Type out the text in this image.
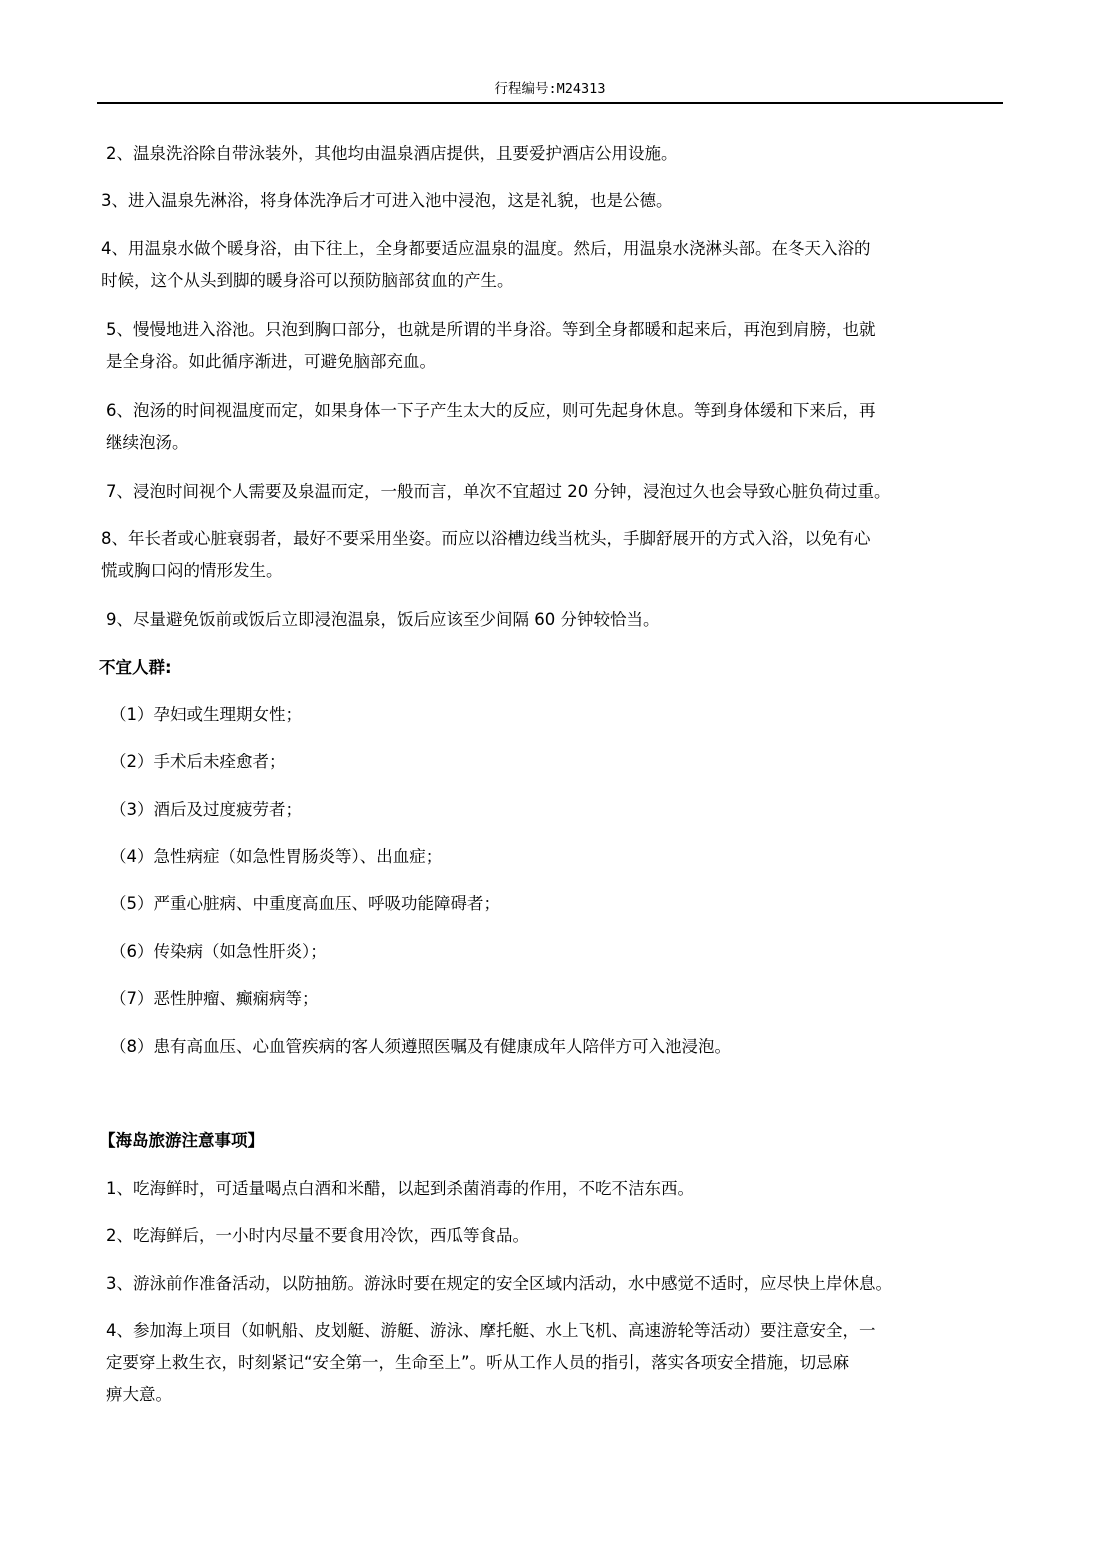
行程编号:M24313
2、温泉洗浴除自带泳装外，其他均由温泉酒店提供，且要爱护酒店公用设施。
3、进入温泉先淋浴，将身体洗净后才可进入池中浸泡，这是礼貌，也是公德。
4、用温泉水做个暖身浴，由下往上，全身都要适应温泉的温度。然后，用温泉水浇淋头部。在冬天入浴的
时候，这个从头到脚的暖身浴可以预防脑部贫血的产生。
5、慢慢地进入浴池。只泡到胸口部分，也就是所谓的半身浴。等到全身都暖和起来后，再泡到肩膀，也就
是全身浴。如此循序渐进，可避免脑部充血。
6、泡汤的时间视温度而定，如果身体一下子产生太大的反应，则可先起身休息。等到身体缓和下来后，再
继续泡汤。
7、浸泡时间视个人需要及泉温而定，一般而言，单次不宜超过 20 分钟，浸泡过久也会导致心脏负荷过重。
8、年长者或心脏衰弱者，最好不要采用坐姿。而应以浴槽边线当枕头，手脚舒展开的方式入浴，以免有心
慌或胸口闷的情形发生。
9、尽量避免饭前或饭后立即浸泡温泉，饭后应该至少间隔 60 分钟较恰当。
不宜人群:
（1）孕妇或生理期女性；
（2）手术后未痊愈者；
（3）酒后及过度疲劳者；
（4）急性病症（如急性胃肠炎等）、出血症；
（5）严重心脏病、中重度高血压、呼吸功能障碍者；
（6）传染病（如急性肝炎）；
（7）恶性肿瘤、癫痫病等；
（8）患有高血压、心血管疾病的客人须遵照医嘱及有健康成年人陪伴方可入池浸泡。
【海岛旅游注意事项】
1、吃海鲜时，可适量喝点白酒和米醋，以起到杀菌消毒的作用，不吃不洁东西。
2、吃海鲜后，一小时内尽量不要食用冷饮，西瓜等食品。
3、游泳前作准备活动，以防抽筋。游泳时要在规定的安全区域内活动，水中感觉不适时，应尽快上岸休息。
4、参加海上项目（如帆船、皮划艇、游艇、游泳、摩托艇、水上飞机、高速游轮等活动）要注意安全，一
定要穿上救生衣，时刻紧记“安全第一，生命至上”。听从工作人员的指引，落实各项安全措施，切忌麻
痹大意。
